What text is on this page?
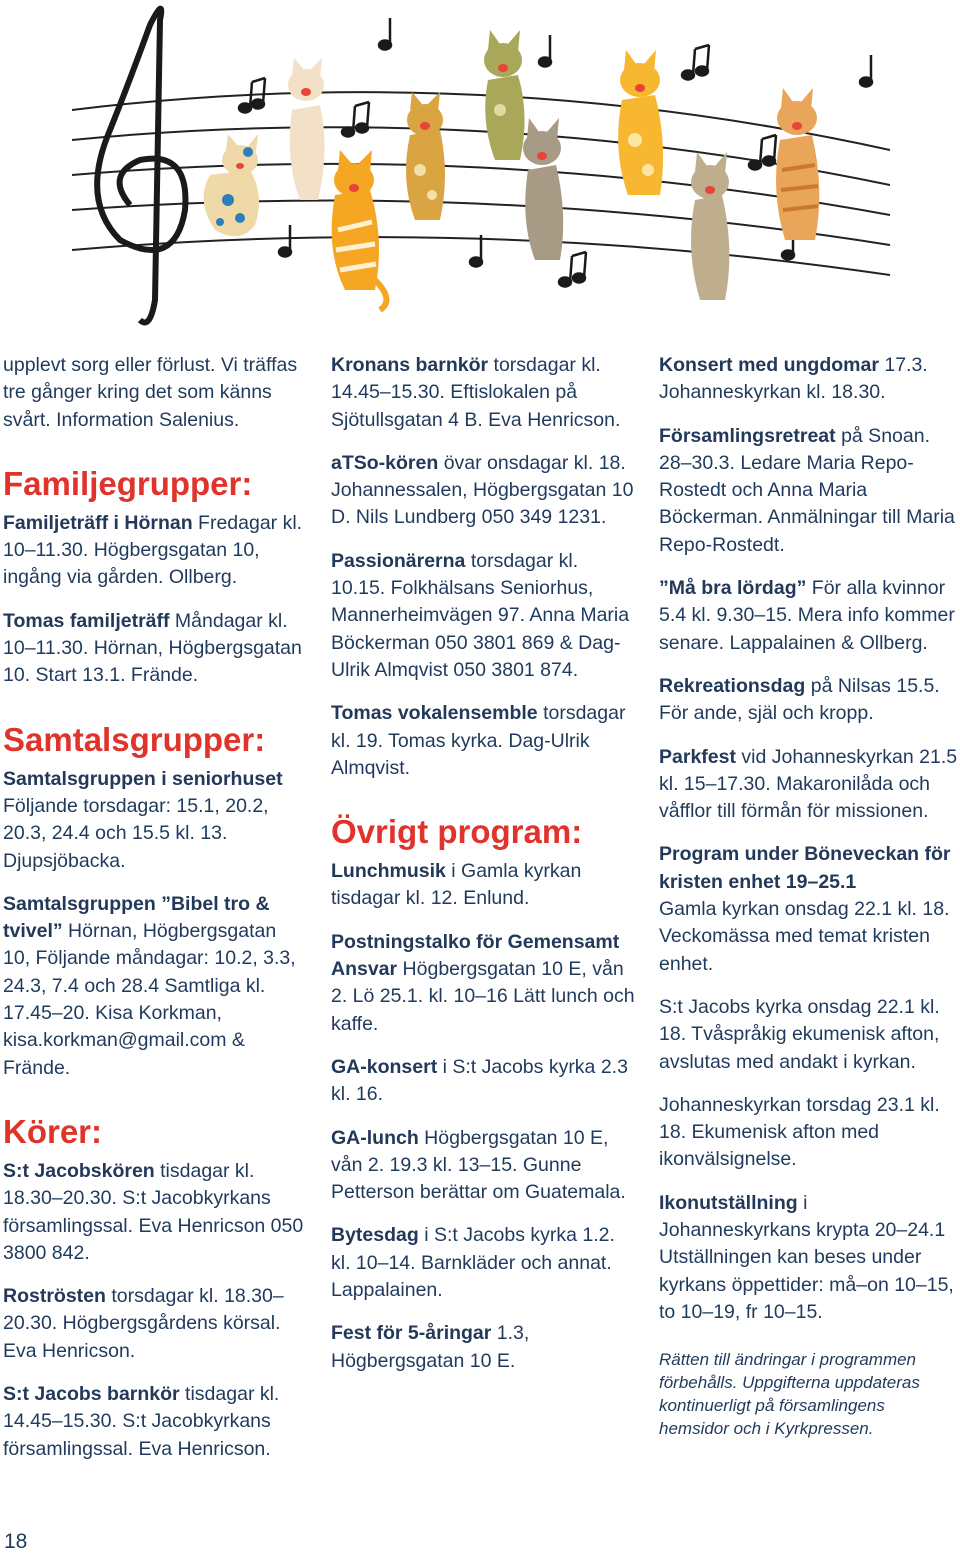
upplevt sorg eller förlust. Vi träffas tre gånger kring det som känns svårt. Information Salenius.

Familjegrupper:

Familjeträff i Hörnan Fredagar kl. 10–11.30. Högbergsgatan 10, ingång via gården. Ollberg.

Tomas familjeträff Måndagar kl. 10–11.30. Hörnan, Högbergsgatan 10. Start 13.1. Frände.

Samtalsgrupper:

Samtalsgruppen i seniorhuset Följande torsdagar: 15.1, 20.2, 20.3, 24.4 och 15.5 kl. 13. Djupsjöbacka.

Samtalsgruppen ”Bibel tro & tvivel” Hörnan, Högbergsgatan 10, Följande måndagar: 10.2, 3.3, 24.3, 7.4 och 28.4 Samtliga kl. 17.45–20. Kisa Korkman, kisa.korkman@gmail.com & Frände.

Körer:

S:t Jacobskören tisdagar kl. 18.30–20.30. S:t Jacobkyrkans församlingssal. Eva Henricson 050 3800 842.

Roströsten torsdagar kl. 18.30–20.30. Högbergsgårdens körsal. Eva Henricson.

S:t Jacobs barnkör tisdagar kl. 14.45–15.30. S:t Jacobkyrkans församlingssal. Eva Henricson.

Kronans barnkör torsdagar kl. 14.45–15.30. Eftislokalen på Sjötullsgatan 4 B. Eva Henricson.

aTSo-kören övar onsdagar kl. 18. Johannessalen, Högbergsgatan 10 D. Nils Lundberg 050 349 1231.

Passionärerna torsdagar kl. 10.15. Folkhälsans Seniorhus, Mannerheimvägen 97. Anna Maria Böckerman 050 3801 869 & Dag-Ulrik Almqvist 050 3801 874.

Tomas vokalensemble torsdagar kl. 19. Tomas kyrka. Dag-Ulrik Almqvist.

Övrigt program:

Lunchmusik i Gamla kyrkan tisdagar kl. 12. Enlund.

Postningstalko för Gemensamt Ansvar Högbergsgatan 10 E, vån 2. Lö 25.1. kl. 10–16 Lätt lunch och kaffe.

GA-konsert i S:t Jacobs kyrka 2.3 kl. 16.

GA-lunch Högbergsgatan 10 E, vån 2. 19.3 kl. 13–15. Gunne Petterson berättar om Guatemala.

Bytesdag i S:t Jacobs kyrka 1.2. kl. 10–14. Barnkläder och annat. Lappalainen.

Fest för 5-åringar 1.3, Högbergsgatan 10 E.

Konsert med ungdomar 17.3. Johanneskyrkan kl. 18.30.

Församlingsretreat på Snoan. 28–30.3. Ledare Maria Repo-Rostedt och Anna Maria Böckerman. Anmälningar till Maria Repo-Rostedt.

”Må bra lördag” För alla kvinnor 5.4 kl. 9.30–15. Mera info kommer senare. Lappalainen & Ollberg.

Rekreationsdag på Nilsas 15.5. För ande, själ och kropp.

Parkfest vid Johanneskyrkan 21.5 kl. 15–17.30. Makaronilåda och våfflor till förmån för missionen.

Program under Böneveckan för kristen enhet 19–25.1
Gamla kyrkan onsdag 22.1 kl. 18. Veckomässa med temat kristen enhet.

S:t Jacobs kyrka onsdag 22.1 kl. 18. Tvåspråkig ekumenisk afton, avslutas med andakt i kyrkan.

Johanneskyrkan torsdag 23.1 kl. 18. Ekumenisk afton med ikonvälsignelse.

Ikonutställning i Johanneskyrkans krypta 20–24.1 Utställningen kan beses under kyrkans öppettider: må–on 10–15, to 10–19, fr 10–15.

Rätten till ändringar i programmen förbehålls. Uppgifterna uppdateras kontinuerligt på församlingens hemsidor och i Kyrkpressen.
18
